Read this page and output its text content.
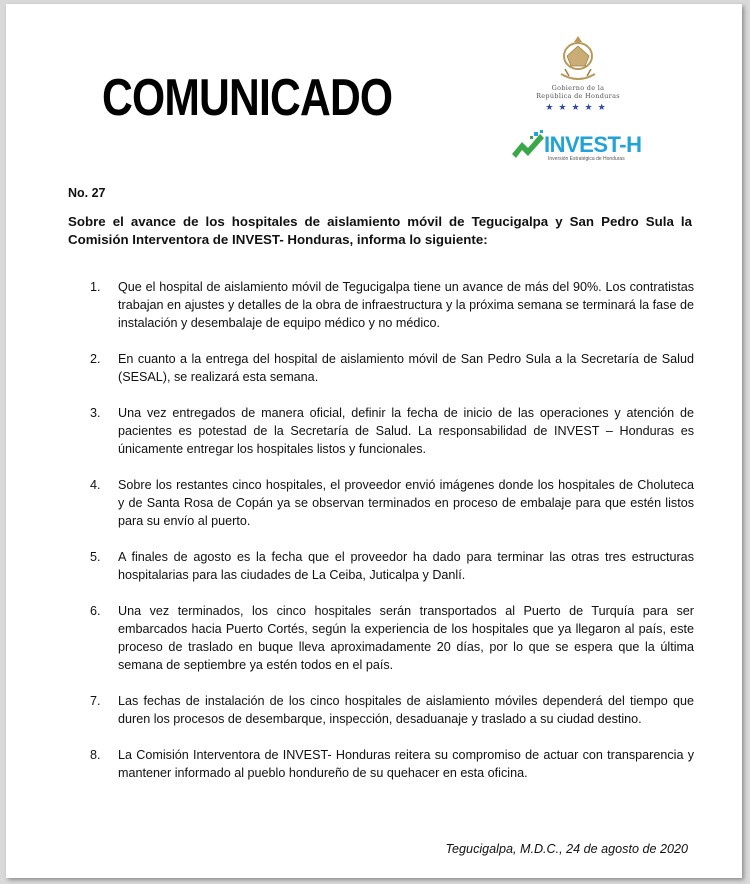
COMUNICADO	Gobierno de la
República de Honduras
★★★★★
INVEST-H
Inversión Estratégica de Honduras
No. 27
Sobre el avance de los hospitales de aislamiento móvil de Tegucigalpa y San Pedro Sula la Comisión Interventora de INVEST- Honduras, informa lo siguiente:
1.	Que el hospital de aislamiento móvil de Tegucigalpa tiene un avance de más del 90%. Los contratistas trabajan en ajustes y detalles de la obra de infraestructura y la próxima semana se terminará la fase de instalación y desembalaje de equipo médico y no médico.
2.	En cuanto a la entrega del hospital de aislamiento móvil de San Pedro Sula a la Secretaría de Salud (SESAL), se realizará esta semana.
3.	Una vez entregados de manera oficial, definir la fecha de inicio de las operaciones y atención de pacientes es potestad de la Secretaría de Salud. La responsabilidad de INVEST – Honduras es únicamente entregar los hospitales listos y funcionales.
4.	Sobre los restantes cinco hospitales, el proveedor envió imágenes donde los hospitales de Choluteca y de Santa Rosa de Copán ya se observan terminados en proceso de embalaje para que estén listos para su envío al puerto.
5.	A finales de agosto es la fecha que el proveedor ha dado para terminar las otras tres estructuras hospitalarias para las ciudades de La Ceiba, Juticalpa y Danlí.
6.	Una vez terminados, los cinco hospitales serán transportados al Puerto de Turquía para ser embarcados hacia Puerto Cortés, según la experiencia de los hospitales que ya llegaron al país, este proceso de traslado en buque lleva aproximadamente 20 días, por lo que se espera que la última semana de septiembre ya estén todos en el país.
7.	Las fechas de instalación de los cinco hospitales de aislamiento móviles dependerá del tiempo que duren los procesos de desembarque, inspección, desaduanaje y traslado a su ciudad destino.
8.	La Comisión Interventora de INVEST- Honduras reitera su compromiso de actuar con transparencia y mantener informado al pueblo hondureño de su quehacer en esta oficina.
Tegucigalpa, M.D.C., 24 de agosto de 2020
